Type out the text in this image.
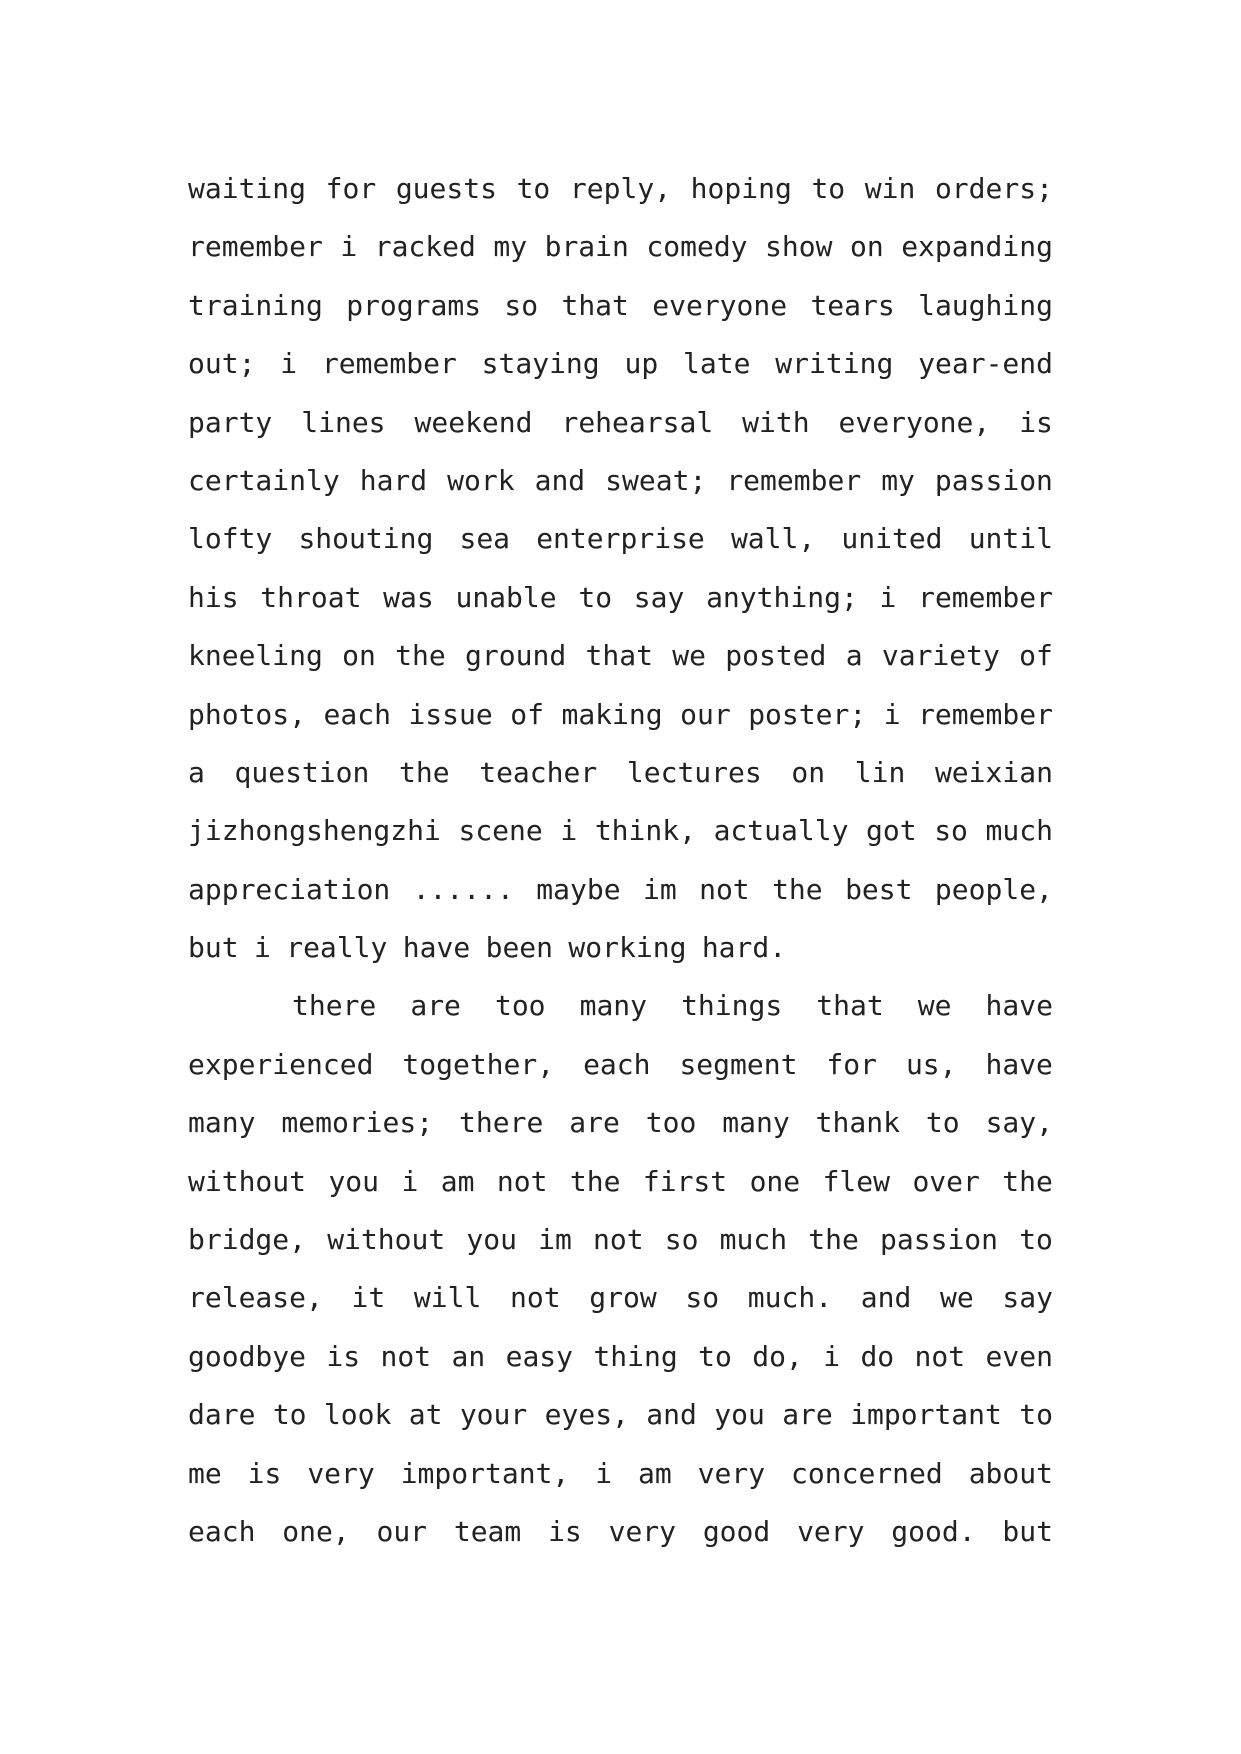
waiting for guests to reply, hoping to win orders;
remember i racked my brain comedy show on expanding
training programs so that everyone tears laughing
out; i remember staying up late writing year-end
party lines weekend rehearsal with everyone, is
certainly hard work and sweat; remember my passion
lofty shouting sea enterprise wall, united until
his throat was unable to say anything; i remember
kneeling on the ground that we posted a variety of
photos, each issue of making our poster; i remember
a question the teacher lectures on lin weixian
jizhongshengzhi scene i think, actually got so much
appreciation ...... maybe im not the best people,
but i really have been working hard.
there are too many things that we have
experienced together, each segment for us, have
many memories; there are too many thank to say,
without you i am not the first one flew over the
bridge, without you im not so much the passion to
release, it will not grow so much. and we say
goodbye is not an easy thing to do, i do not even
dare to look at your eyes, and you are important to
me is very important, i am very concerned about
each one, our team is very good very good. but
